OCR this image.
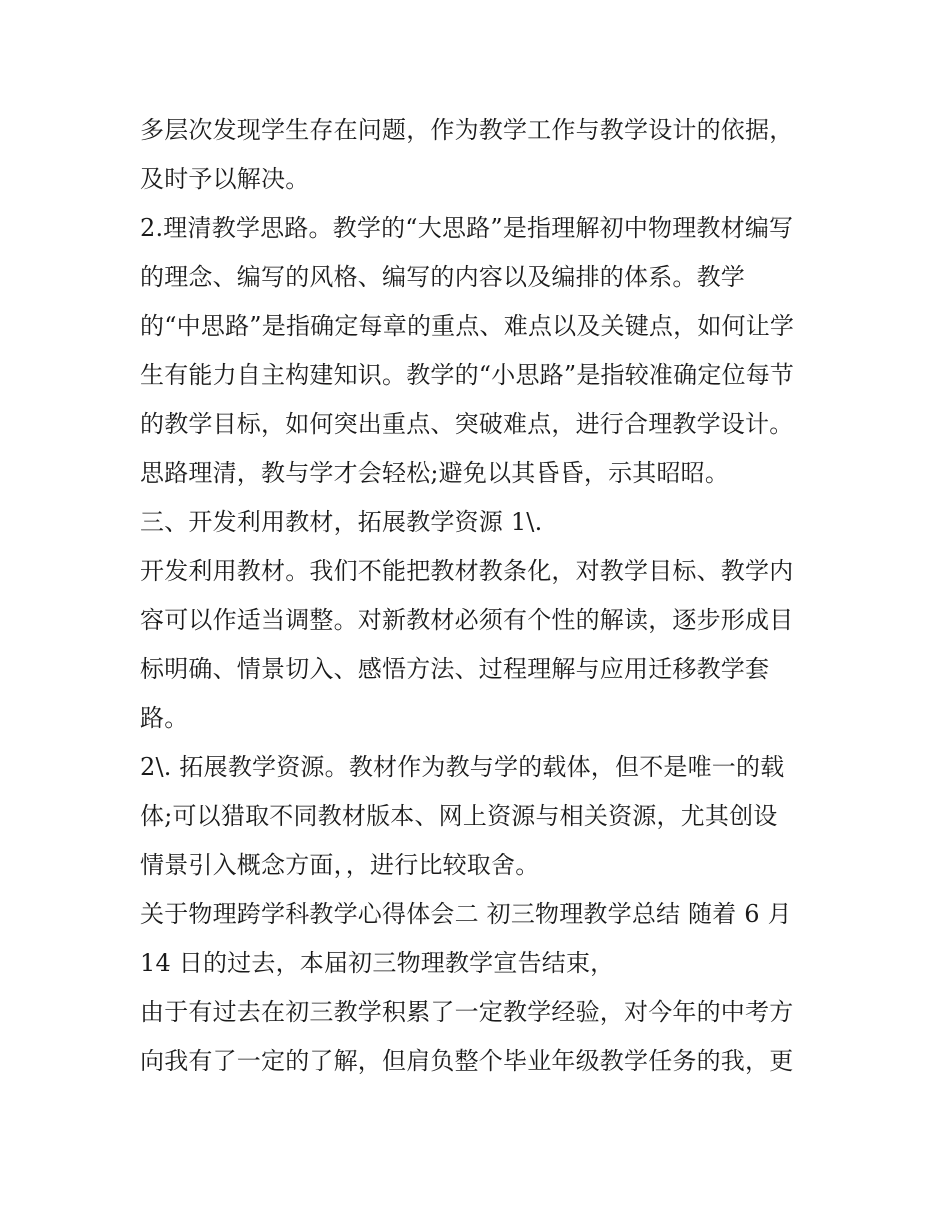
多层次发现学生存在问题，作为教学工作与教学设计的依据，
及时予以解决。
2.理清教学思路。教学的“大思路”是指理解初中物理教材编写
的理念、编写的风格、编写的内容以及编排的体系。教学
的“中思路”是指确定每章的重点、难点以及关键点，如何让学
生有能力自主构建知识。教学的“小思路”是指较准确定位每节
的教学目标，如何突出重点、突破难点，进行合理教学设计。
思路理清，教与学才会轻松;避免以其昏昏，示其昭昭。
三、开发利用教材，拓展教学资源 1\.
开发利用教材。我们不能把教材教条化，对教学目标、教学内
容可以作适当调整。对新教材必须有个性的解读，逐步形成目
标明确、情景切入、感悟方法、过程理解与应用迁移教学套
路。
2\. 拓展教学资源。教材作为教与学的载体，但不是唯一的载
体;可以猎取不同教材版本、网上资源与相关资源，尤其创设
情景引入概念方面，，进行比较取舍。
关于物理跨学科教学心得体会二 初三物理教学总结 随着 6 月
14 日的过去，本届初三物理教学宣告结束，
由于有过去在初三教学积累了一定教学经验，对今年的中考方
向我有了一定的了解，但肩负整个毕业年级教学任务的我，更
